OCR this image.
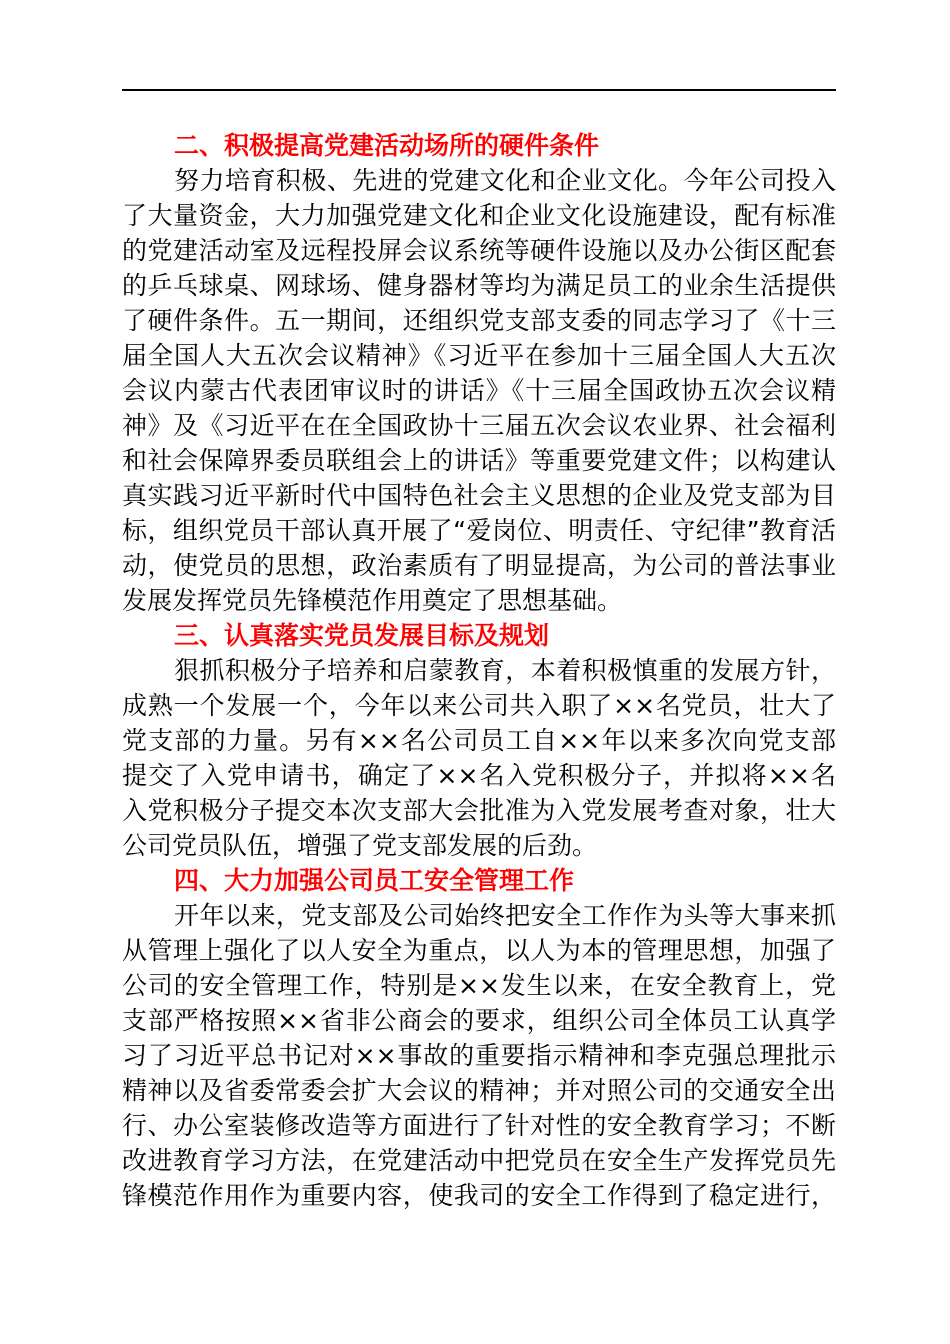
二、积极提高党建活动场所的硬件条件

努力培育积极、先进的党建文化和企业文化。今年公司投入
了大量资金，大力加强党建文化和企业文化设施建设，配有标准
的党建活动室及远程投屏会议系统等硬件设施以及办公街区配套
的乒乓球桌、网球场、健身器材等均为满足员工的业余生活提供
了硬件条件。五一期间，还组织党支部支委的同志学习了《十三
届全国人大五次会议精神》《习近平在参加十三届全国人大五次
会议内蒙古代表团审议时的讲话》《十三届全国政协五次会议精
神》及《习近平在在全国政协十三届五次会议农业界、社会福利
和社会保障界委员联组会上的讲话》等重要党建文件；以构建认
真实践习近平新时代中国特色社会主义思想的企业及党支部为目
标，组织党员干部认真开展了“爱岗位、明责任、守纪律”教育活
动，使党员的思想，政治素质有了明显提高，为公司的普法事业
发展发挥党员先锋模范作用奠定了思想基础。

三、认真落实党员发展目标及规划

狠抓积极分子培养和启蒙教育，本着积极慎重的发展方针，
成熟一个发展一个，今年以来公司共入职了××名党员，壮大了
党支部的力量。另有××名公司员工自××年以来多次向党支部
提交了入党申请书，确定了××名入党积极分子，并拟将××名
入党积极分子提交本次支部大会批准为入党发展考查对象，壮大
公司党员队伍，增强了党支部发展的后劲。

四、大力加强公司员工安全管理工作

开年以来，党支部及公司始终把安全工作作为头等大事来抓
从管理上强化了以人安全为重点，以人为本的管理思想，加强了
公司的安全管理工作，特别是××发生以来，在安全教育上，党
支部严格按照××省非公商会的要求，组织公司全体员工认真学
习了习近平总书记对××事故的重要指示精神和李克强总理批示
精神以及省委常委会扩大会议的精神；并对照公司的交通安全出
行、办公室装修改造等方面进行了针对性的安全教育学习；不断
改进教育学习方法，在党建活动中把党员在安全生产发挥党员先
锋模范作用作为重要内容，使我司的安全工作得到了稳定进行，
